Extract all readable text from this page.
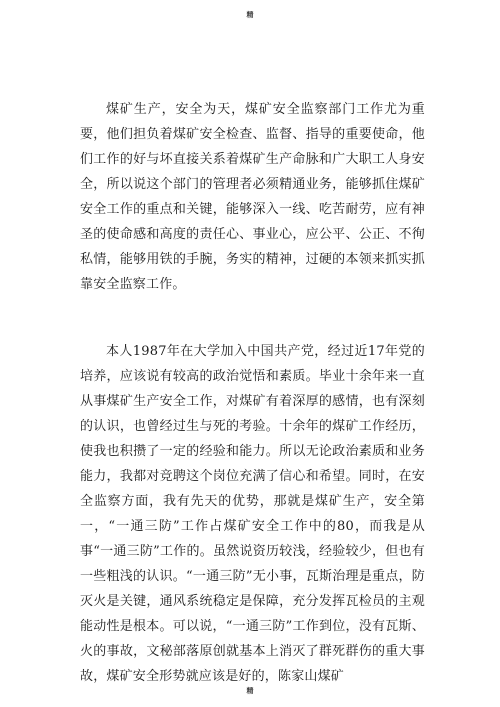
精

煤矿生产，安全为天，煤矿安全监察部门工作尤为重要，他们担负着煤矿安全检查、监督、指导的重要使命，他们工作的好与坏直接关系着煤矿生产命脉和广大职工人身安全，所以说这个部门的管理者必须精通业务，能够抓住煤矿安全工作的重点和关键，能够深入一线、吃苦耐劳，应有神圣的使命感和高度的责任心、事业心，应公平、公正、不徇私情，能够用铁的手腕，务实的精神，过硬的本领来抓实抓靠安全监察工作。

本人1987年在大学加入中国共产党，经过近17年党的培养，应该说有较高的政治觉悟和素质。毕业十余年来一直从事煤矿生产安全工作，对煤矿有着深厚的感情，也有深刻的认识，也曾经过生与死的考验。十余年的煤矿工作经历，使我也积攒了一定的经验和能力。所以无论政治素质和业务能力，我都对竞聘这个岗位充满了信心和希望。同时，在安全监察方面，我有先天的优势，那就是煤矿生产，安全第一，“一通三防”工作占煤矿安全工作中的80，而我是从事“一通三防”工作的。虽然说资历较浅，经验较少，但也有一些粗浅的认识。“一通三防”无小事，瓦斯治理是重点，防灭火是关键，通风系统稳定是保障，充分发挥瓦检员的主观能动性是根本。可以说，“一通三防”工作到位，没有瓦斯、火的事故，文秘部落原创就基本上消灭了群死群伤的重大事故，煤矿安全形势就应该是好的，陈家山煤矿

精
